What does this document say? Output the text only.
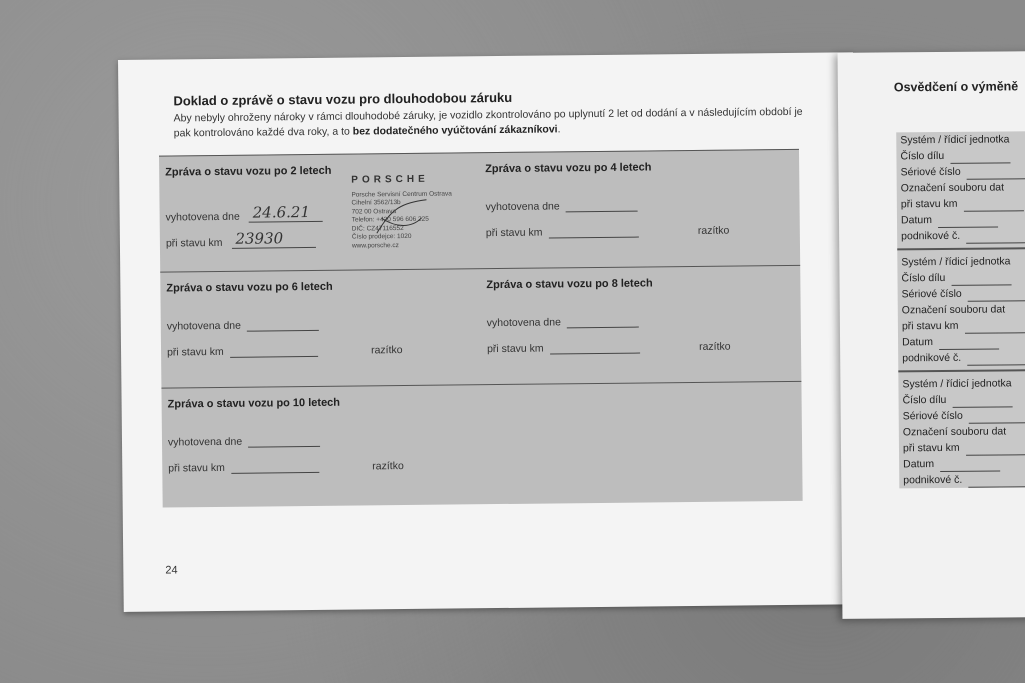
Doklad o zprávě o stavu vozu pro dlouhodobou záruku
Aby nebyly ohroženy nároky v rámci dlouhodobé záruky, je vozidlo zkontrolováno po uplynutí 2 let od dodání a v následujícím období je pak kontrolováno každé dva roky, a to bez dodatečného vyúčtování zákazníkovi.
Zpráva o stavu vozu po 2 letech
vyhotovena dne 24.6.21
při stavu km 23930
PORSCHE
Porsche Servisní Centrum Ostrava
Cihelní 3562/13b
702 00 Ostrava
Telefon: +420 596 606 225
DIČ: CZ47116552
Číslo prodejce: 1020
www.porsche.cz
Zpráva o stavu vozu po 4 letech
vyhotovena dne
při stavu km	razítko
Zpráva o stavu vozu po 6 letech
vyhotovena dne
při stavu km	razítko
Zpráva o stavu vozu po 8 letech
vyhotovena dne
při stavu km	razítko
Zpráva o stavu vozu po 10 letech
vyhotovena dne
při stavu km	razítko
24
Osvědčení o výměně
Systém / řídicí jednotka
Číslo dílu
Sériové číslo
Označení souboru dat
při stavu km
Datum
podnikové č.
Systém / řídicí jednotka
Číslo dílu
Sériové číslo
Označení souboru dat
při stavu km
Datum
podnikové č.
Systém / řídicí jednotka
Číslo dílu
Sériové číslo
Označení souboru dat
při stavu km
Datum
podnikové č.
